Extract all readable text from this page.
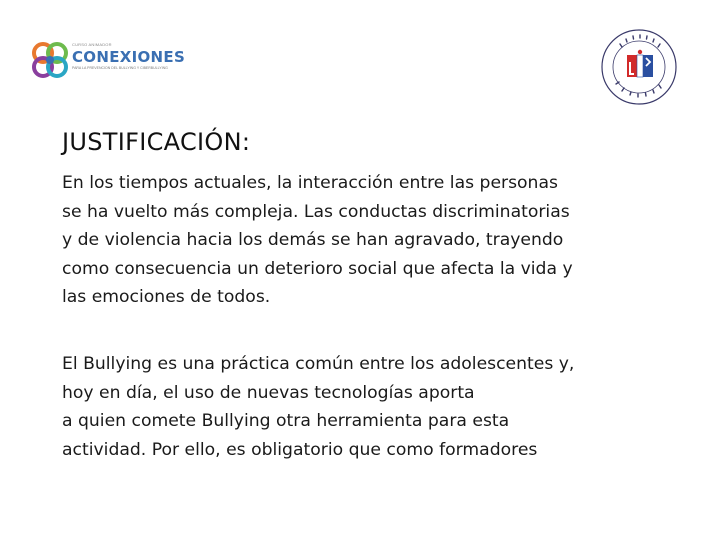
CURSO ANIMADOR
CONEXIONES
PARA LA PREVENCION DEL BULLYING Y CIBERBULLYING
JUSTIFICACIÓN:
En los tiempos actuales, la interacción entre las personas
se ha vuelto más compleja. Las conductas discriminatorias
y de violencia hacia los demás se han agravado, trayendo
como consecuencia un deterioro social que afecta la vida y
las emociones de todos.
El Bullying es una práctica común entre los adolescentes y,
hoy en día, el uso de nuevas tecnologías aporta
a quien comete Bullying otra herramienta para esta
actividad. Por ello, es obligatorio que como formadores
